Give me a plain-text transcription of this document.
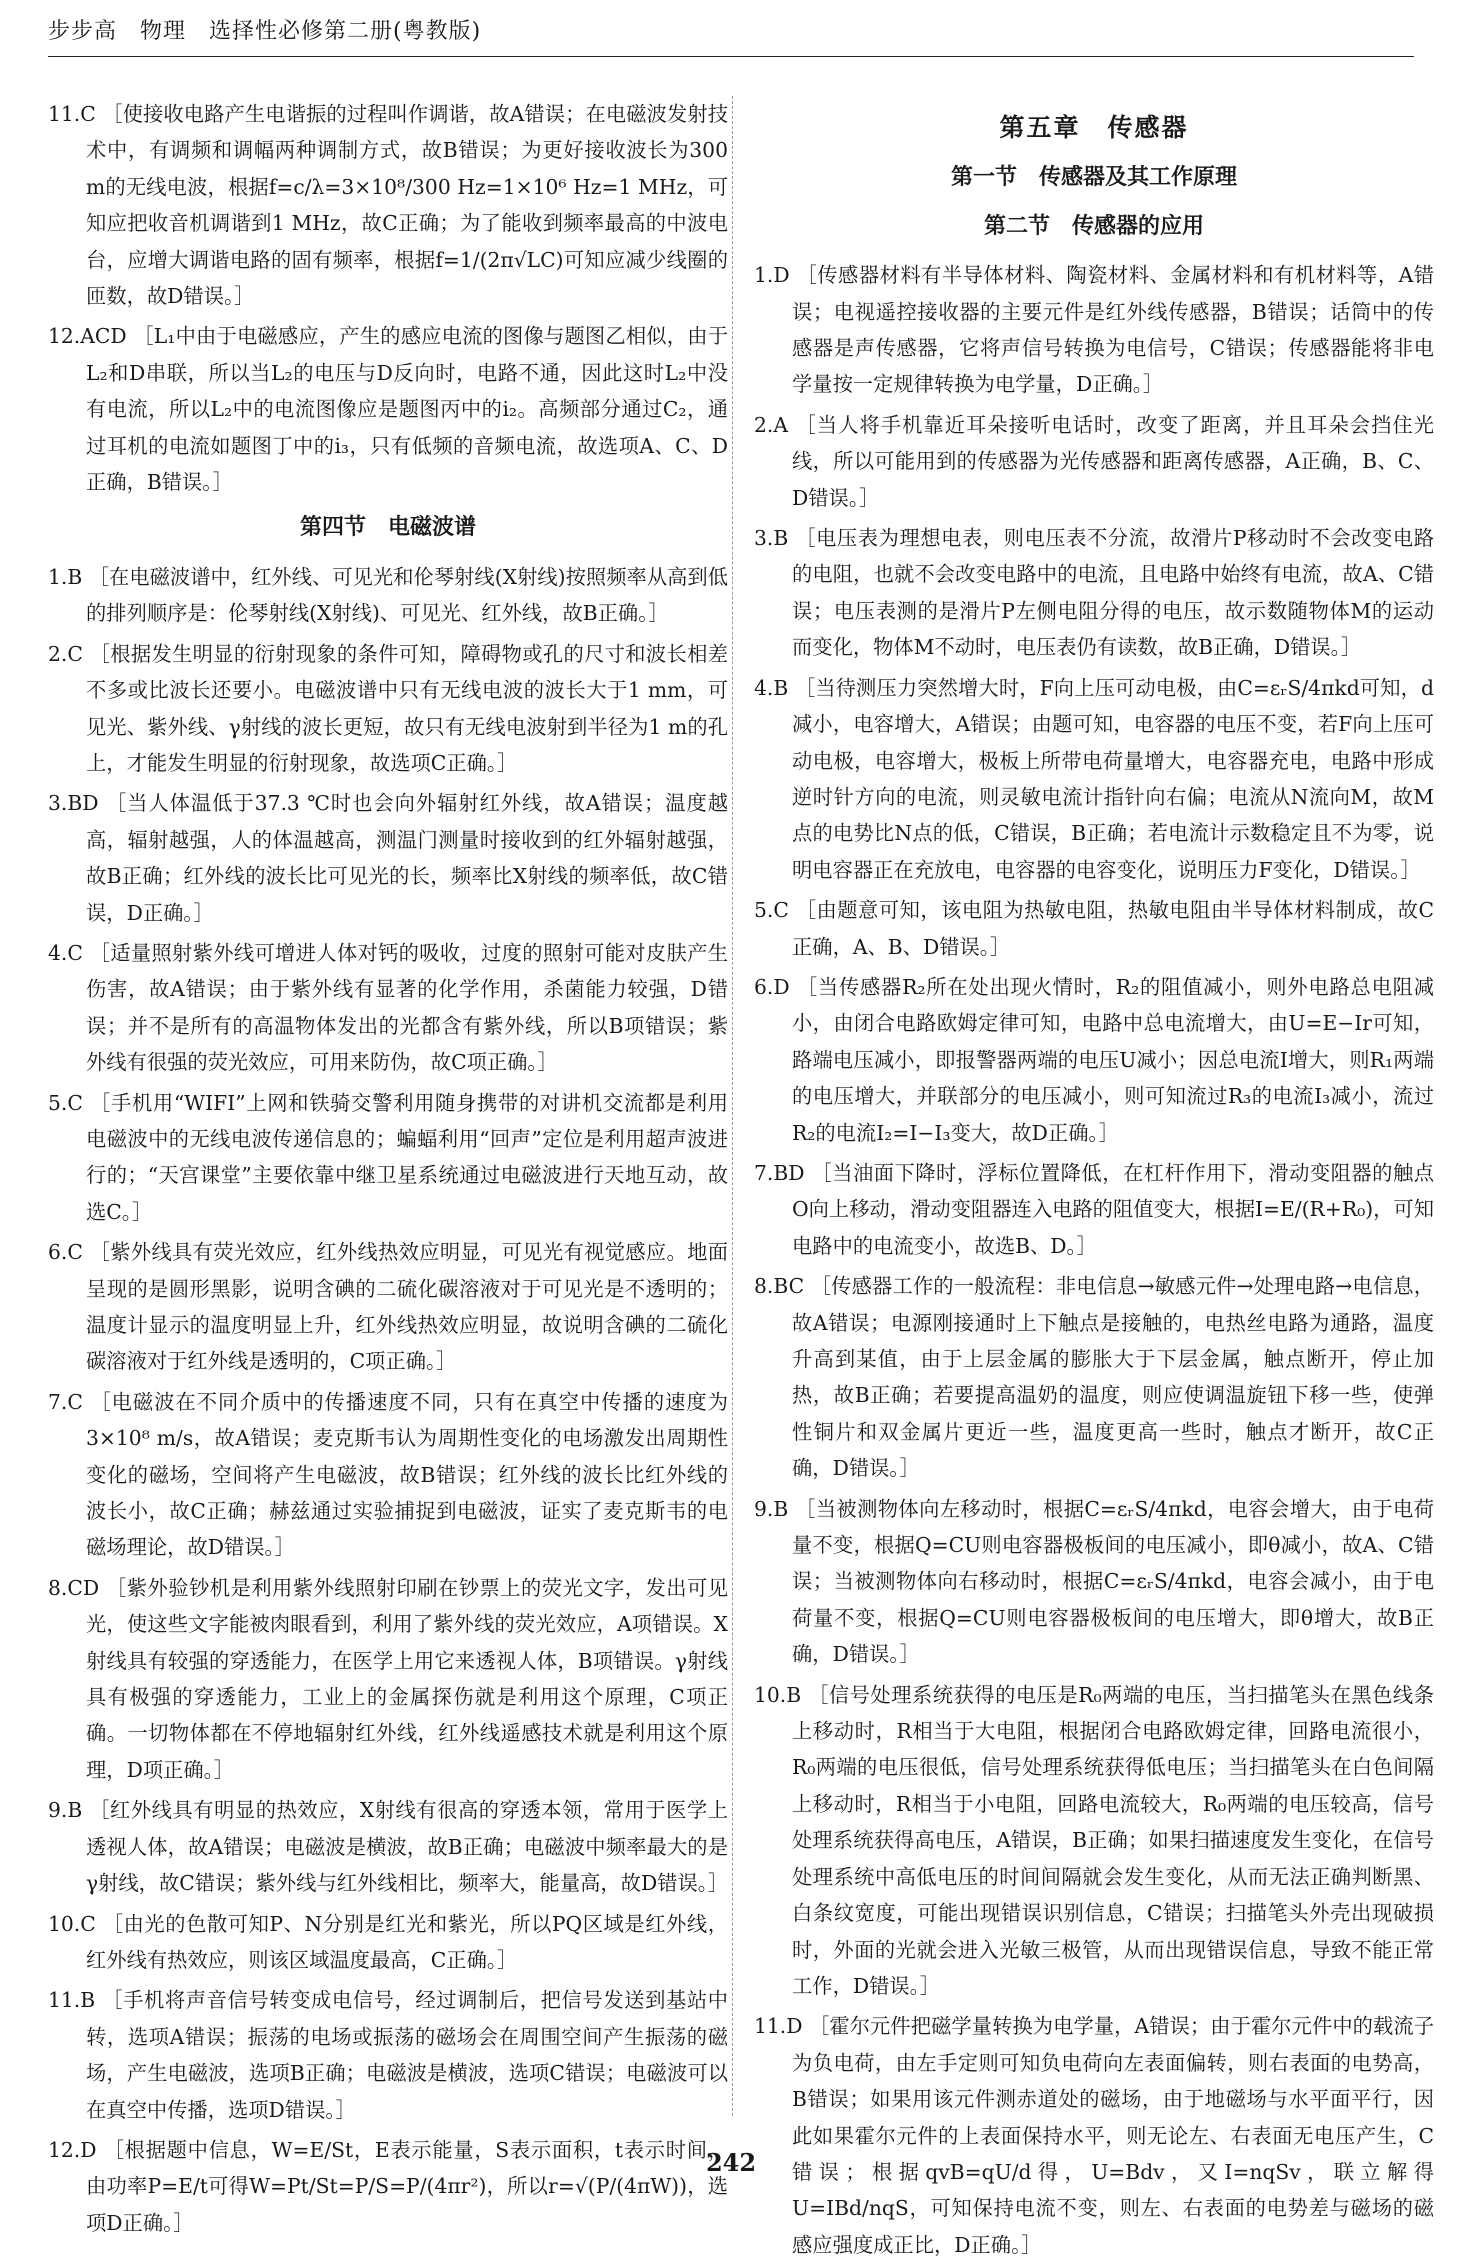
步步高　物理　选择性必修第二册(粤教版)
11.C ［使接收电路产生电谐振的过程叫作调谐，故A错误；在电磁波发射技术中，有调频和调幅两种调制方式，故B错误；为更好接收波长为300 m的无线电波，根据f=c/λ=3×10⁸/300 Hz=1×10⁶ Hz=1 MHz，可知应把收音机调谐到1 MHz，故C正确；为了能收到频率最高的中波电台，应增大调谐电路的固有频率，根据f=1/(2π√LC)可知应减少线圈的匝数，故D错误。］
12.ACD ［L₁中由于电磁感应，产生的感应电流的图像与题图乙相似，由于L₂和D串联，所以当L₂的电压与D反向时，电路不通，因此这时L₂中没有电流，所以L₂中的电流图像应是题图丙中的i₂。高频部分通过C₂，通过耳机的电流如题图丁中的i₃，只有低频的音频电流，故选项A、C、D正确，B错误。］
第四节　电磁波谱
1.B ［在电磁波谱中，红外线、可见光和伦琴射线(X射线)按照频率从高到低的排列顺序是：伦琴射线(X射线)、可见光、红外线，故B正确。］
2.C ［根据发生明显的衍射现象的条件可知，障碍物或孔的尺寸和波长相差不多或比波长还要小。电磁波谱中只有无线电波的波长大于1 mm，可见光、紫外线、γ射线的波长更短，故只有无线电波射到半径为1 m的孔上，才能发生明显的衍射现象，故选项C正确。］
3.BD ［当人体温低于37.3 ℃时也会向外辐射红外线，故A错误；温度越高，辐射越强，人的体温越高，测温门测量时接收到的红外辐射越强，故B正确；红外线的波长比可见光的长，频率比X射线的频率低，故C错误，D正确。］
4.C ［适量照射紫外线可增进人体对钙的吸收，过度的照射可能对皮肤产生伤害，故A错误；由于紫外线有显著的化学作用，杀菌能力较强，D错误；并不是所有的高温物体发出的光都含有紫外线，所以B项错误；紫外线有很强的荧光效应，可用来防伪，故C项正确。］
5.C ［手机用“WIFI”上网和铁骑交警利用随身携带的对讲机交流都是利用电磁波中的无线电波传递信息的；蝙蝠利用“回声”定位是利用超声波进行的；“天宫课堂”主要依靠中继卫星系统通过电磁波进行天地互动，故选C。］
6.C ［紫外线具有荧光效应，红外线热效应明显，可见光有视觉感应。地面呈现的是圆形黑影，说明含碘的二硫化碳溶液对于可见光是不透明的；温度计显示的温度明显上升，红外线热效应明显，故说明含碘的二硫化碳溶液对于红外线是透明的，C项正确。］
7.C ［电磁波在不同介质中的传播速度不同，只有在真空中传播的速度为3×10⁸ m/s，故A错误；麦克斯韦认为周期性变化的电场激发出周期性变化的磁场，空间将产生电磁波，故B错误；红外线的波长比红外线的波长小，故C正确；赫兹通过实验捕捉到电磁波，证实了麦克斯韦的电磁场理论，故D错误。］
8.CD ［紫外验钞机是利用紫外线照射印刷在钞票上的荧光文字，发出可见光，使这些文字能被肉眼看到，利用了紫外线的荧光效应，A项错误。X射线具有较强的穿透能力，在医学上用它来透视人体，B项错误。γ射线具有极强的穿透能力，工业上的金属探伤就是利用这个原理，C项正确。一切物体都在不停地辐射红外线，红外线遥感技术就是利用这个原理，D项正确。］
9.B ［红外线具有明显的热效应，X射线有很高的穿透本领，常用于医学上透视人体，故A错误；电磁波是横波，故B正确；电磁波中频率最大的是γ射线，故C错误；紫外线与红外线相比，频率大，能量高，故D错误。］
10.C ［由光的色散可知P、N分别是红光和紫光，所以PQ区域是红外线，红外线有热效应，则该区域温度最高，C正确。］
11.B ［手机将声音信号转变成电信号，经过调制后，把信号发送到基站中转，选项A错误；振荡的电场或振荡的磁场会在周围空间产生振荡的磁场，产生电磁波，选项B正确；电磁波是横波，选项C错误；电磁波可以在真空中传播，选项D错误。］
12.D ［根据题中信息，W=E/St，E表示能量，S表示面积，t表示时间，由功率P=E/t可得W=Pt/St=P/S=P/(4πr²)，所以r=√(P/(4πW))，选项D正确。］
第五章　传感器
第一节　传感器及其工作原理
第二节　传感器的应用
1.D ［传感器材料有半导体材料、陶瓷材料、金属材料和有机材料等，A错误；电视遥控接收器的主要元件是红外线传感器，B错误；话筒中的传感器是声传感器，它将声信号转换为电信号，C错误；传感器能将非电学量按一定规律转换为电学量，D正确。］
2.A ［当人将手机靠近耳朵接听电话时，改变了距离，并且耳朵会挡住光线，所以可能用到的传感器为光传感器和距离传感器，A正确，B、C、D错误。］
3.B ［电压表为理想电表，则电压表不分流，故滑片P移动时不会改变电路的电阻，也就不会改变电路中的电流，且电路中始终有电流，故A、C错误；电压表测的是滑片P左侧电阻分得的电压，故示数随物体M的运动而变化，物体M不动时，电压表仍有读数，故B正确，D错误。］
4.B ［当待测压力突然增大时，F向上压可动电极，由C=εᵣS/4πkd可知，d减小，电容增大，A错误；由题可知，电容器的电压不变，若F向上压可动电极，电容增大，极板上所带电荷量增大，电容器充电，电路中形成逆时针方向的电流，则灵敏电流计指针向右偏；电流从N流向M，故M点的电势比N点的低，C错误，B正确；若电流计示数稳定且不为零，说明电容器正在充放电，电容器的电容变化，说明压力F变化，D错误。］
5.C ［由题意可知，该电阻为热敏电阻，热敏电阻由半导体材料制成，故C正确，A、B、D错误。］
6.D ［当传感器R₂所在处出现火情时，R₂的阻值减小，则外电路总电阻减小，由闭合电路欧姆定律可知，电路中总电流增大，由U=E−Ir可知，路端电压减小，即报警器两端的电压U减小；因总电流I增大，则R₁两端的电压增大，并联部分的电压减小，则可知流过R₃的电流I₃减小，流过R₂的电流I₂=I−I₃变大，故D正确。］
7.BD ［当油面下降时，浮标位置降低，在杠杆作用下，滑动变阻器的触点O向上移动，滑动变阻器连入电路的阻值变大，根据I=E/(R+R₀)，可知电路中的电流变小，故选B、D。］
8.BC ［传感器工作的一般流程：非电信息→敏感元件→处理电路→电信息，故A错误；电源刚接通时上下触点是接触的，电热丝电路为通路，温度升高到某值，由于上层金属的膨胀大于下层金属，触点断开，停止加热，故B正确；若要提高温奶的温度，则应使调温旋钮下移一些，使弹性铜片和双金属片更近一些，温度更高一些时，触点才断开，故C正确，D错误。］
9.B ［当被测物体向左移动时，根据C=εᵣS/4πkd，电容会增大，由于电荷量不变，根据Q=CU则电容器极板间的电压减小，即θ减小，故A、C错误；当被测物体向右移动时，根据C=εᵣS/4πkd，电容会减小，由于电荷量不变，根据Q=CU则电容器极板间的电压增大，即θ增大，故B正确，D错误。］
10.B ［信号处理系统获得的电压是R₀两端的电压，当扫描笔头在黑色线条上移动时，R相当于大电阻，根据闭合电路欧姆定律，回路电流很小，R₀两端的电压很低，信号处理系统获得低电压；当扫描笔头在白色间隔上移动时，R相当于小电阻，回路电流较大，R₀两端的电压较高，信号处理系统获得高电压，A错误，B正确；如果扫描速度发生变化，在信号处理系统中高低电压的时间间隔就会发生变化，从而无法正确判断黑、白条纹宽度，可能出现错误识别信息，C错误；扫描笔头外壳出现破损时，外面的光就会进入光敏三极管，从而出现错误信息，导致不能正常工作，D错误。］
11.D ［霍尔元件把磁学量转换为电学量，A错误；由于霍尔元件中的载流子为负电荷，由左手定则可知负电荷向左表面偏转，则右表面的电势高，B错误；如果用该元件测赤道处的磁场，由于地磁场与水平面平行，因此如果霍尔元件的上表面保持水平，则无论左、右表面无电压产生，C错误；根据qvB=qU/d得，U=Bdv，又I=nqSv，联立解得U=IBd/nqS，可知保持电流不变，则左、右表面的电势差与磁场的磁感应强度成正比，D正确。］
242
